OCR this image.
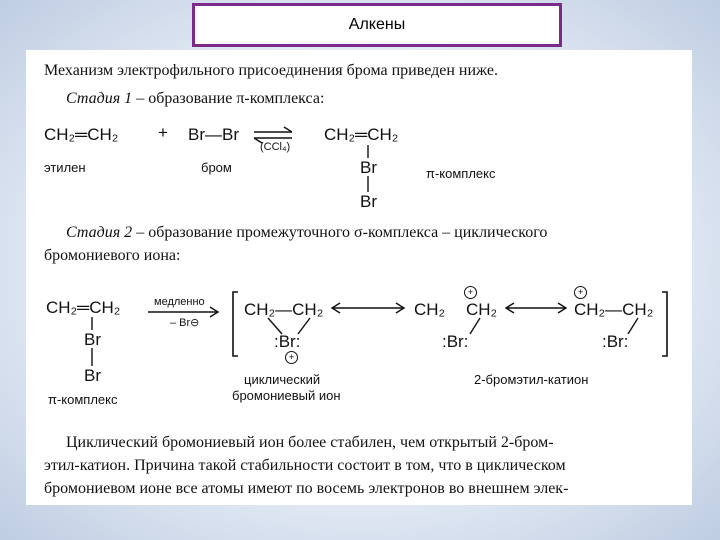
Алкены
Механизм электрофильного присоединения брома приведен ниже.
Стадия 1 – образование π-комплекса:
CH₂═CH₂ + Br—Br
(CCl₄)
CH₂═CH₂
Br
Br
этилен	бром	π-комплекс
Стадия 2 – образование промежуточного σ-комплекса – циклического
бромониевого иона:
CH₂═CH₂
Br
Br
π-комплекс
медленно
– Br⊖
CH₂—CH₂
:Br:
+
циклический
бромониевый ион
CH₂ CH₂
+
:Br:
CH₂—CH₂
+
:Br:
2-бромэтил-катион
Циклический бромониевый ион более стабилен, чем открытый 2-бром-
этил-катион. Причина такой стабильности состоит в том, что в циклическом
бромониевом ионе все атомы имеют по восемь электронов во внешнем элек-
